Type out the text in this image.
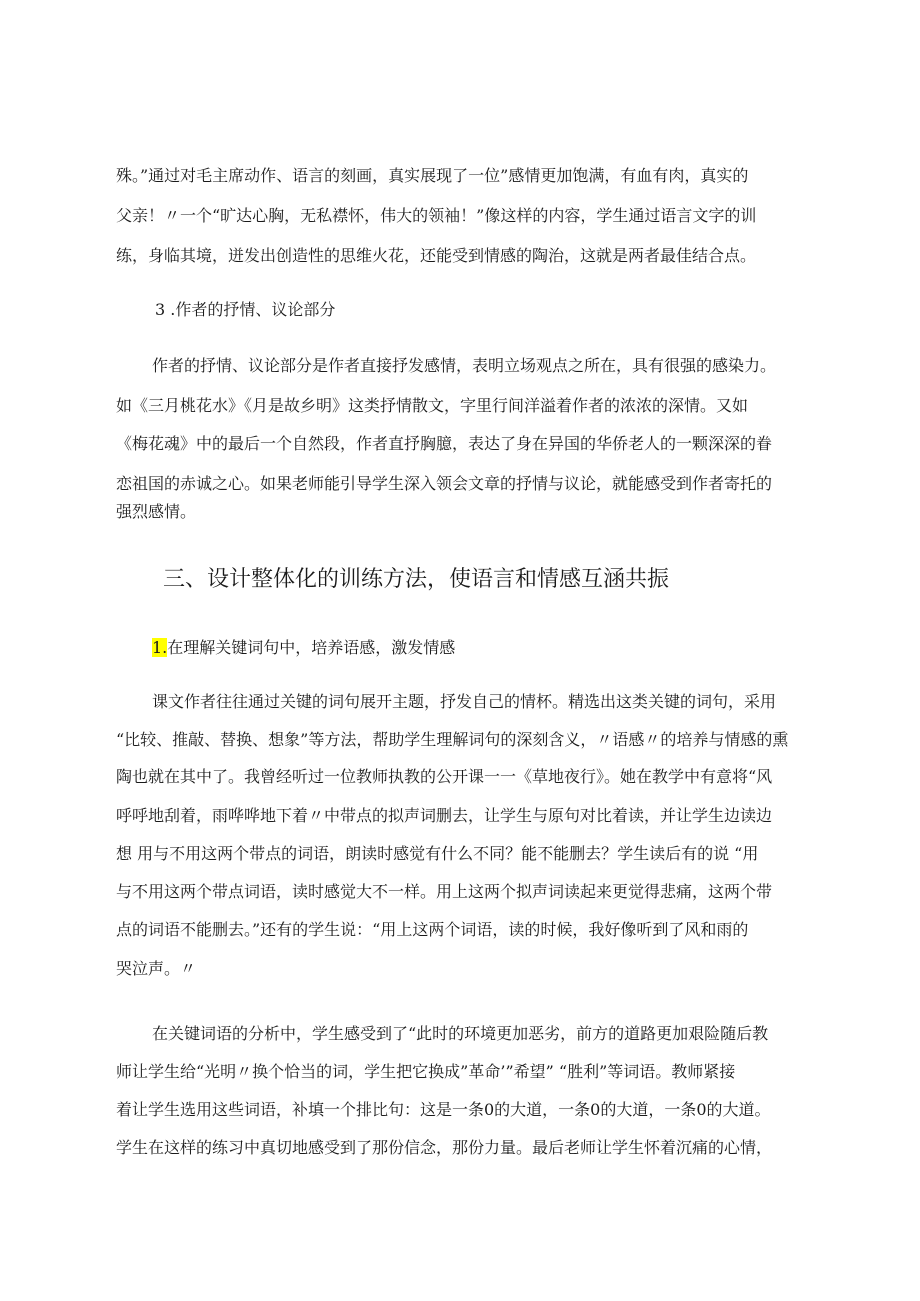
殊。”通过对毛主席动作、语言的刻画，真实展现了一位”感情更加饱满，有血有肉，真实的
父亲！〃一个“旷达心胸，无私襟怀，伟大的领袖！”像这样的内容，学生通过语言文字的训
练，身临其境，迸发出创造性的思维火花，还能受到情感的陶治，这就是两者最佳结合点。
3 .作者的抒情、议论部分
作者的抒情、议论部分是作者直接抒发感情，表明立场观点之所在，具有很强的感染力。
如《三月桃花水》《月是故乡明》这类抒情散文，字里行间洋溢着作者的浓浓的深情。又如
《梅花魂》中的最后一个自然段，作者直抒胸臆，表达了身在异国的华侨老人的一颗深深的眷
恋祖国的赤诚之心。如果老师能引导学生深入领会文章的抒情与议论，就能感受到作者寄托的
强烈感情。
三、设计整体化的训练方法，使语言和情感互涵共振
1.在理解关键词句中，培养语感，激发情感
课文作者往往通过关键的词句展开主题，抒发自己的情杯。精选出这类关键的词句，采用
“比较、推敲、替换、想象”等方法，帮助学生理解词句的深刻含义，〃语感〃的培养与情感的熏
陶也就在其中了。我曾经听过一位教师执教的公开课一一《草地夜行》。她在教学中有意将“风
呼呼地刮着，雨哗哗地下着〃中带点的拟声词删去，让学生与原句对比着读，并让学生边读边
想 用与不用这两个带点的词语，朗读时感觉有什么不同？能不能删去？学生读后有的说 “用
与不用这两个带点词语，读时感觉大不一样。用上这两个拟声词读起来更觉得悲痛，这两个带
点的词语不能删去。”还有的学生说：“用上这两个词语，读的时候，我好像听到了风和雨的
哭泣声。〃
在关键词语的分析中，学生感受到了“此时的环境更加恶劣，前方的道路更加艰险随后教
师让学生给“光明〃换个恰当的词，学生把它换成”革命’”希望” “胜利”等词语。教师紧接
着让学生选用这些词语，补填一个排比句：这是一条0的大道，一条0的大道，一条0的大道。
学生在这样的练习中真切地感受到了那份信念，那份力量。最后老师让学生怀着沉痛的心情，
